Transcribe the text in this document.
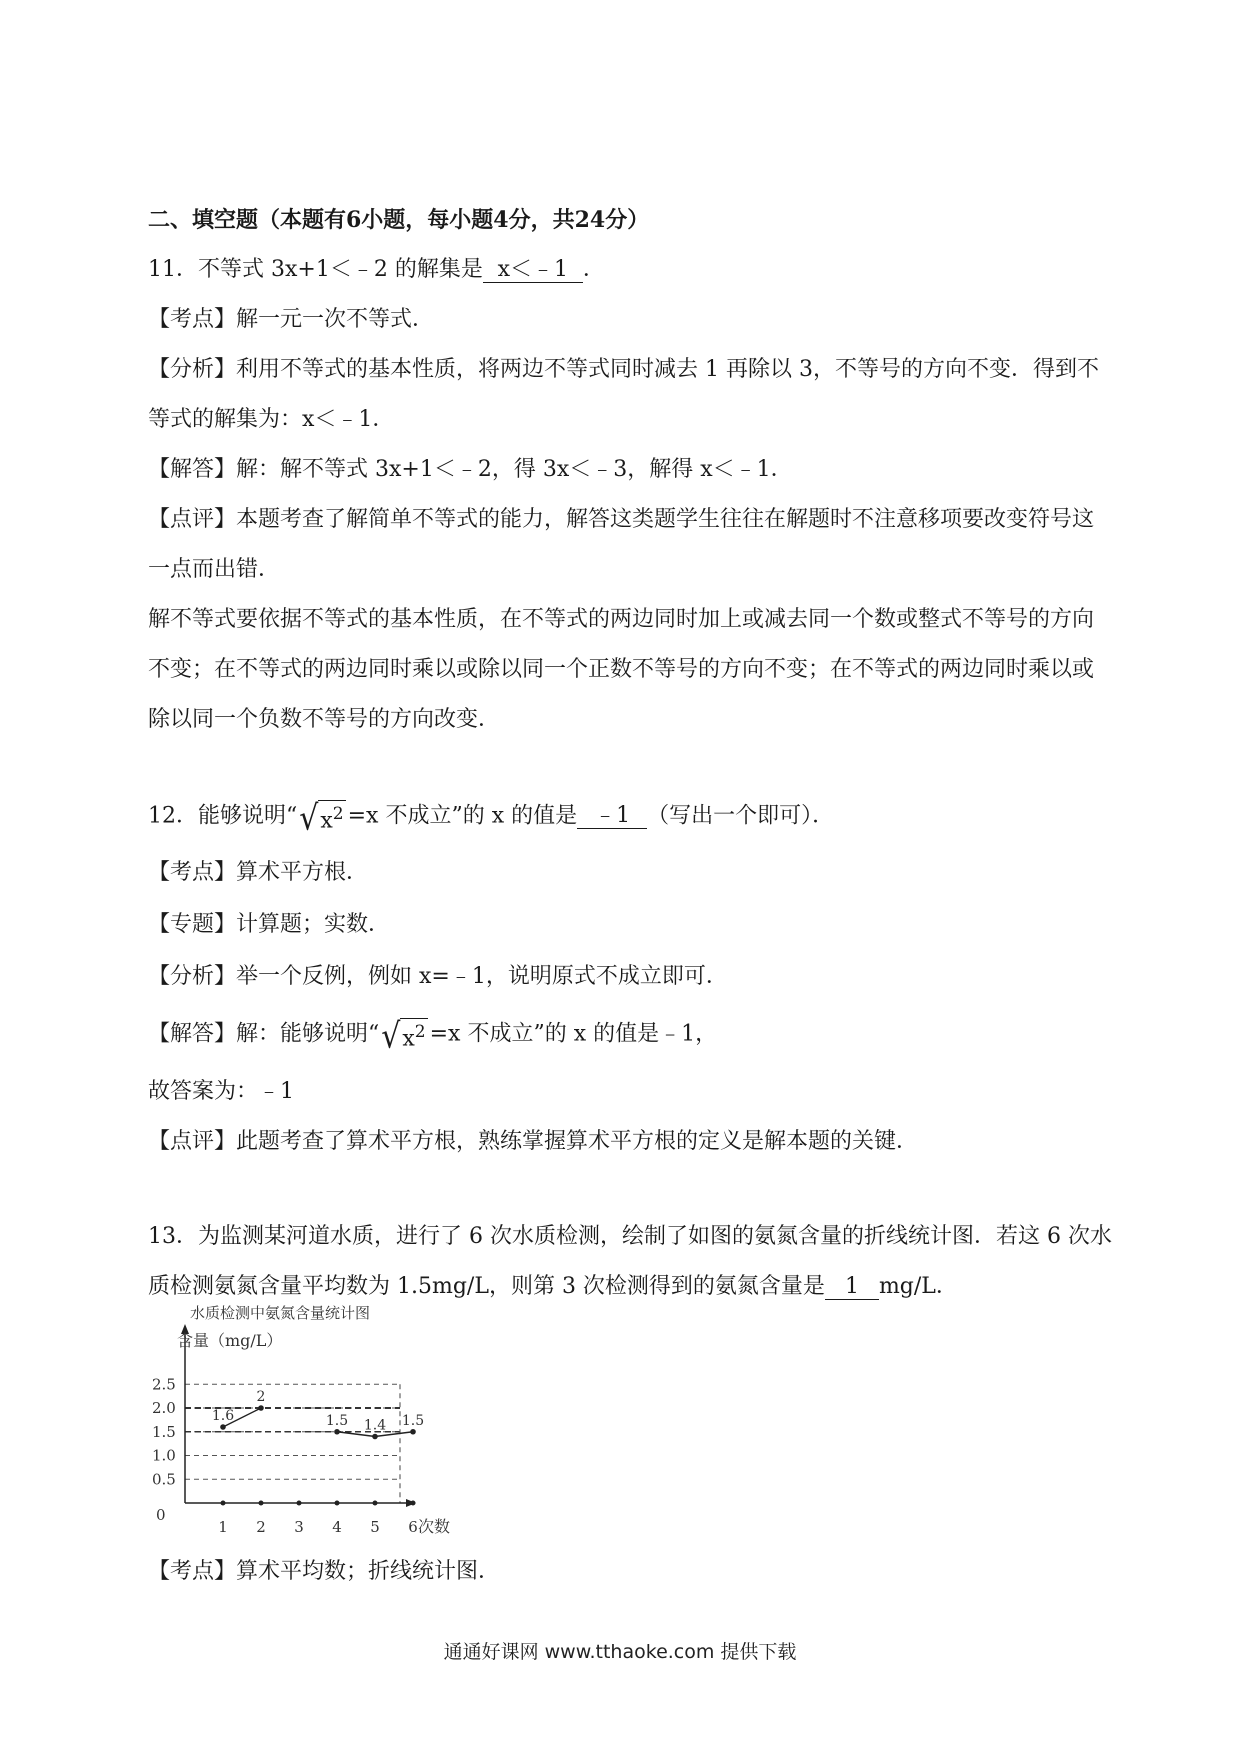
二、填空题（本题有6小题，每小题4分，共24分）
11．不等式 3x+1＜﹣2 的解集是 x＜﹣1 ．
【考点】解一元一次不等式．
【分析】利用不等式的基本性质，将两边不等式同时减去 1 再除以 3，不等号的方向不变．得到不
等式的解集为：x＜﹣1．
【解答】解：解不等式 3x+1＜﹣2，得 3x＜﹣3，解得 x＜﹣1．
【点评】本题考查了解简单不等式的能力，解答这类题学生往往在解题时不注意移项要改变符号这
一点而出错．
解不等式要依据不等式的基本性质，在不等式的两边同时加上或减去同一个数或整式不等号的方向
不变；在不等式的两边同时乘以或除以同一个正数不等号的方向不变；在不等式的两边同时乘以或
除以同一个负数不等号的方向改变．
12．能够说明“ √ $x^2 =x$ 不成立”的 x 的值是 ﹣1 （写出一个即可）．
【考点】算术平方根．
【专题】计算题；实数．
【分析】举一个反例，例如 x=﹣1，说明原式不成立即可．
【解答】解：能够说明“ √ $x^2 =x$ 不成立”的 x 的值是﹣1，
故答案为：﹣1
【点评】此题考查了算术平方根，熟练掌握算术平方根的定义是解本题的关键．
13．为监测某河道水质，进行了 6 次水质检测，绘制了如图的氨氮含量的折线统计图．若这 6 次水
质检测氨氮含量平均数为 1.5mg/L，则第 3 次检测得到的氨氮含量是 1 mg/L．
水质检测中氨氮含量统计图
2.5
2.0
1.5
1.0
0.5
含量（mg/L）
次数
0
1 2 3 4 5 6
1.6
2
1.5 1.4 1.5
【考点】算术平均数；折线统计图．
通通好课网 www.tthaoke.com 提供下载
